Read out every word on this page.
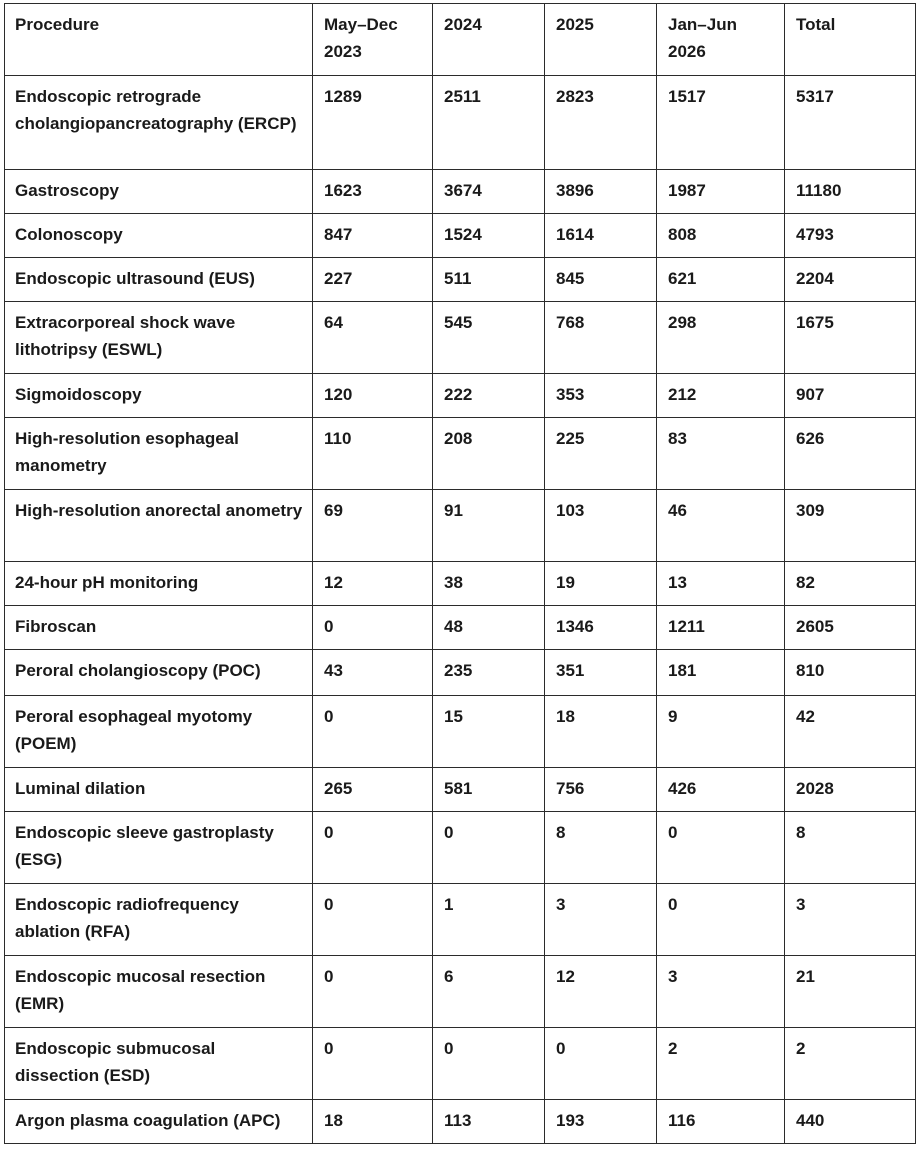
Procedure	May–Dec 2023	2024	2025	Jan–Jun 2026	Total
Endoscopic retrograde cholangiopancreatography (ERCP)	1289	2511	2823	1517	5317
Gastroscopy	1623	3674	3896	1987	11180
Colonoscopy	847	1524	1614	808	4793
Endoscopic ultrasound (EUS)	227	511	845	621	2204
Extracorporeal shock wave lithotripsy (ESWL)	64	545	768	298	1675
Sigmoidoscopy	120	222	353	212	907
High-resolution esophageal manometry	110	208	225	83	626
High-resolution anorectal anometry	69	91	103	46	309
24-hour pH monitoring	12	38	19	13	82
Fibroscan	0	48	1346	1211	2605
Peroral cholangioscopy (POC)	43	235	351	181	810
Peroral esophageal myotomy (POEM)	0	15	18	9	42
Luminal dilation	265	581	756	426	2028
Endoscopic sleeve gastroplasty (ESG)	0	0	8	0	8
Endoscopic radiofrequency ablation (RFA)	0	1	3	0	3
Endoscopic mucosal resection (EMR)	0	6	12	3	21
Endoscopic submucosal dissection (ESD)	0	0	0	2	2
Argon plasma coagulation (APC)	18	113	193	116	440
